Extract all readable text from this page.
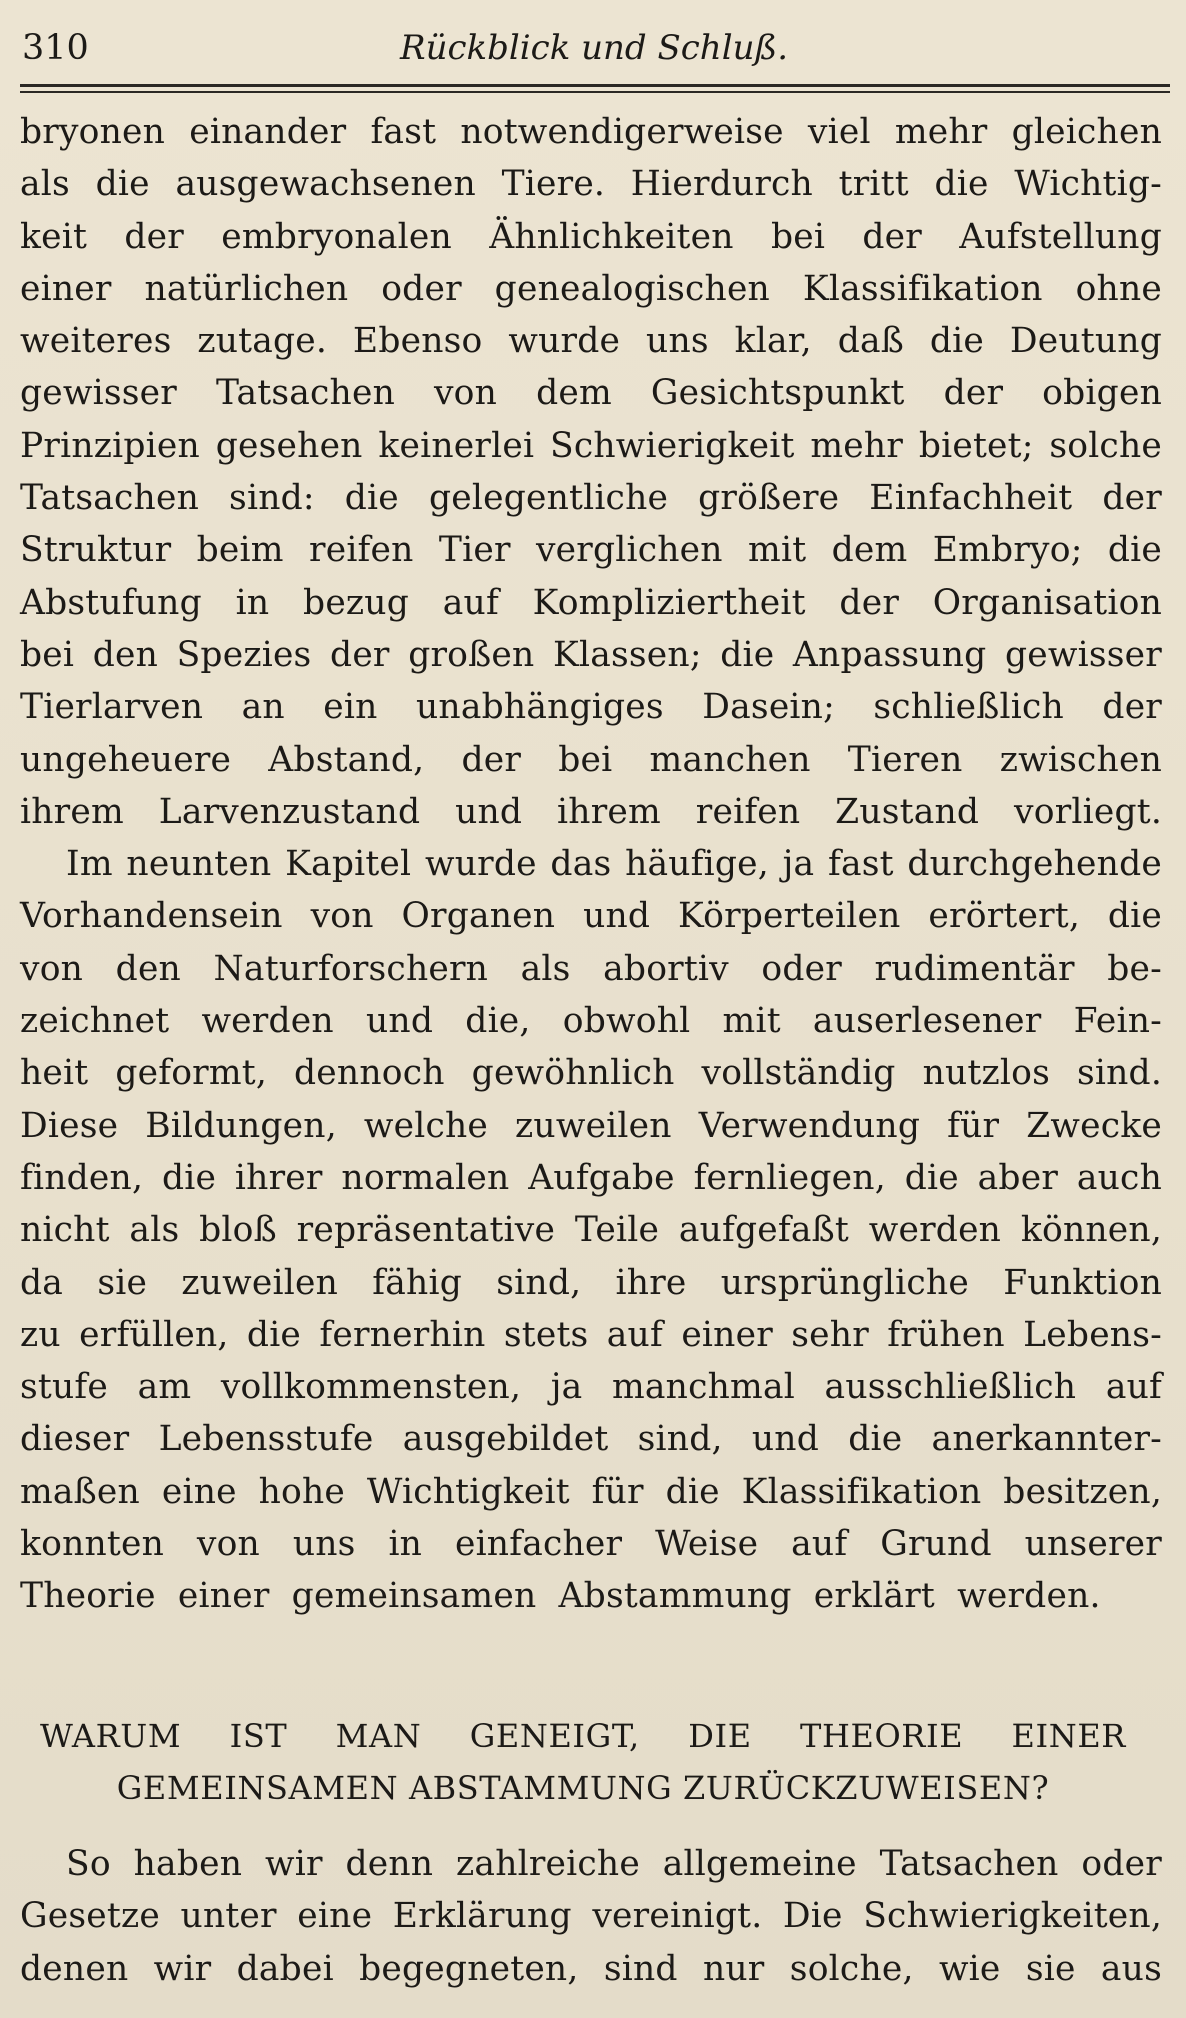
310	Rückblick und Schluß.
bryonen einander fast notwendigerweise viel mehr gleichen
als die ausgewachsenen Tiere. Hierdurch tritt die Wichtig-
keit der embryonalen Ähnlichkeiten bei der Aufstellung
einer natürlichen oder genealogischen Klassifikation ohne
weiteres zutage. Ebenso wurde uns klar, daß die Deutung
gewisser Tatsachen von dem Gesichtspunkt der obigen
Prinzipien gesehen keinerlei Schwierigkeit mehr bietet; solche
Tatsachen sind: die gelegentliche größere Einfachheit der
Struktur beim reifen Tier verglichen mit dem Embryo; die
Abstufung in bezug auf Kompliziertheit der Organisation
bei den Spezies der großen Klassen; die Anpassung gewisser
Tierlarven an ein unabhängiges Dasein; schließlich der
ungeheuere Abstand, der bei manchen Tieren zwischen
ihrem Larvenzustand und ihrem reifen Zustand vorliegt.
Im neunten Kapitel wurde das häufige, ja fast durchgehende
Vorhandensein von Organen und Körperteilen erörtert, die
von den Naturforschern als abortiv oder rudimentär be-
zeichnet werden und die, obwohl mit auserlesener Fein-
heit geformt, dennoch gewöhnlich vollständig nutzlos sind.
Diese Bildungen, welche zuweilen Verwendung für Zwecke
finden, die ihrer normalen Aufgabe fernliegen, die aber auch
nicht als bloß repräsentative Teile aufgefaßt werden können,
da sie zuweilen fähig sind, ihre ursprüngliche Funktion
zu erfüllen, die fernerhin stets auf einer sehr frühen Lebens-
stufe am vollkommensten, ja manchmal ausschließlich auf
dieser Lebensstufe ausgebildet sind, und die anerkannter-
maßen eine hohe Wichtigkeit für die Klassifikation besitzen,
konnten von uns in einfacher Weise auf Grund unserer
Theorie einer gemeinsamen Abstammung erklärt werden.
WARUM IST MAN GENEIGT, DIE THEORIE EINER
GEMEINSAMEN ABSTAMMUNG ZURÜCKZUWEISEN?
So haben wir denn zahlreiche allgemeine Tatsachen oder
Gesetze unter eine Erklärung vereinigt. Die Schwierigkeiten,
denen wir dabei begegneten, sind nur solche, wie sie aus
